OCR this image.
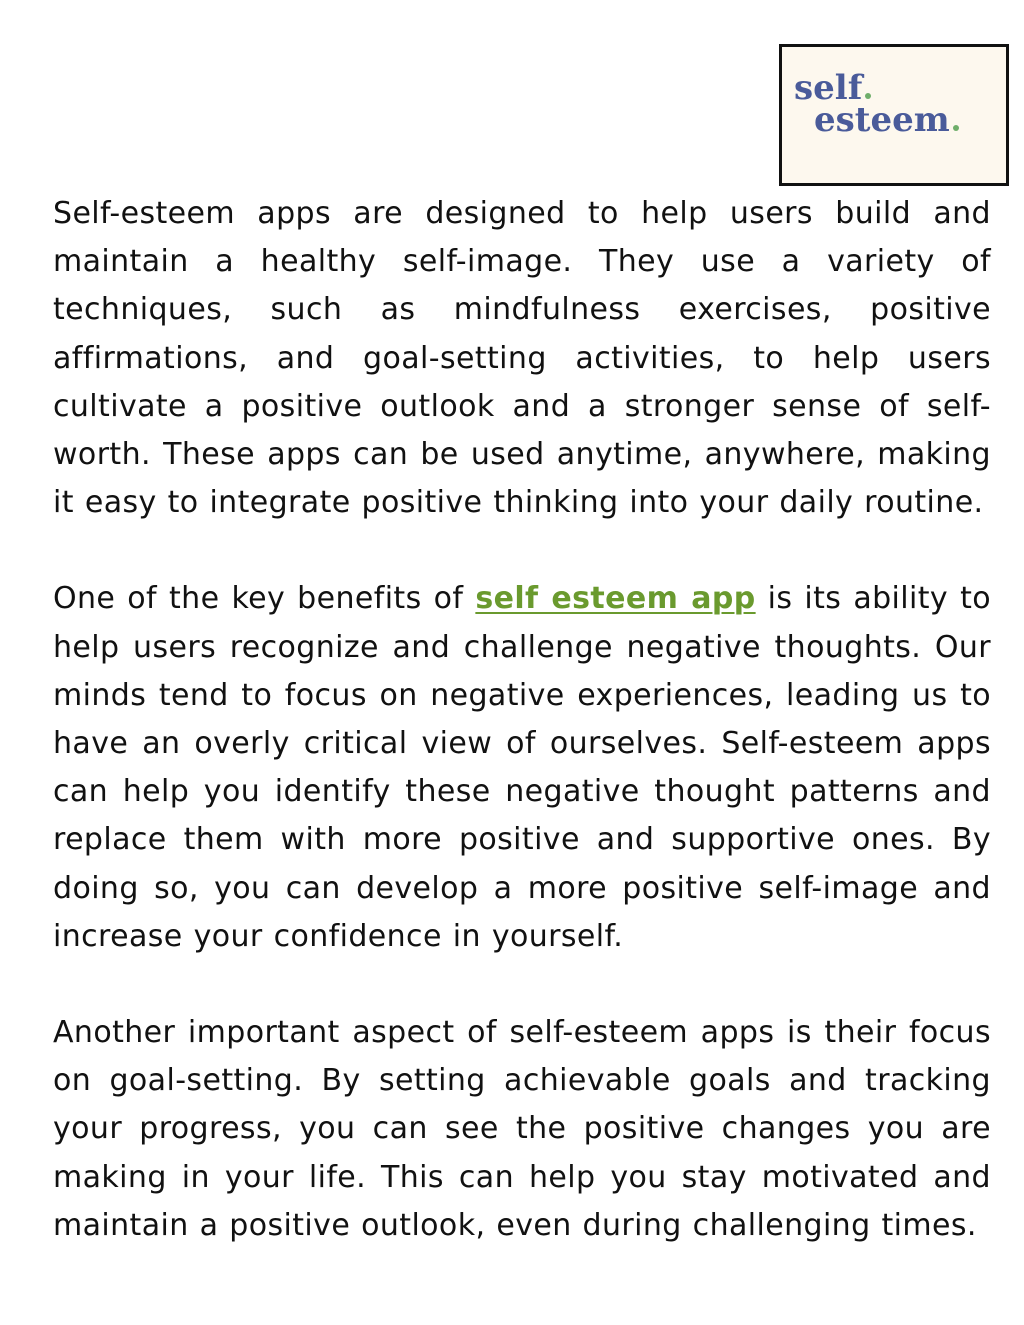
self
esteem

Self-esteem apps are designed to help users build and maintain a healthy self-image. They use a variety of techniques, such as mindfulness exercises, positive affirmations, and goal-setting activities, to help users cultivate a positive outlook and a stronger sense of self-worth. These apps can be used anytime, anywhere, making it easy to integrate positive thinking into your daily routine.

One of the key benefits of self esteem app is its ability to help users recognize and challenge negative thoughts. Our minds tend to focus on negative experiences, leading us to have an overly critical view of ourselves. Self-esteem apps can help you identify these negative thought patterns and replace them with more positive and supportive ones. By doing so, you can develop a more positive self-image and increase your confidence in yourself.

Another important aspect of self-esteem apps is their focus on goal-setting. By setting achievable goals and tracking your progress, you can see the positive changes you are making in your life. This can help you stay motivated and maintain a positive outlook, even during challenging times.
